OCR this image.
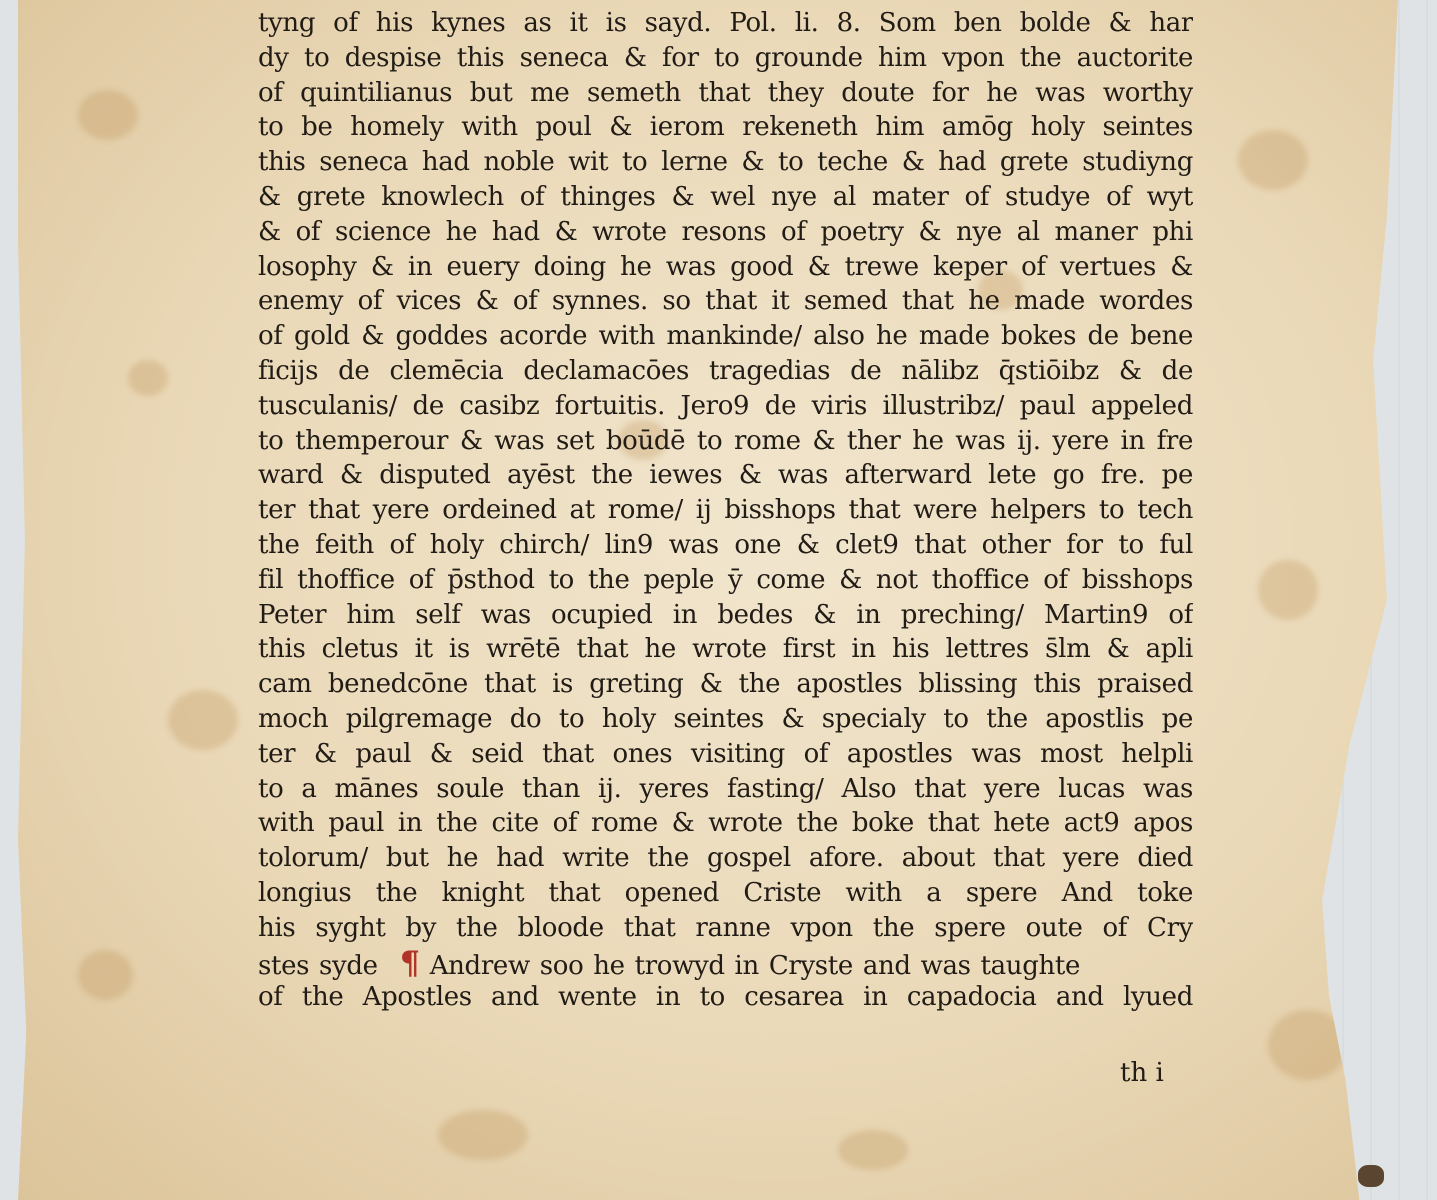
tyng of his kynes as it is sayd. Pol. li. 8. Som ben bolde & har
dy to despise this seneca & for to grounde him vpon the auctorite
of quintilianus but me semeth that they doute for he was worthy
to be homely with poul & ierom rekeneth him amōg holy seintes
this seneca had noble wit to lerne & to teche & had grete studiyng
& grete knowlech of thinges & wel nye al mater of studye of wyt
& of science he had & wrote resons of poetry & nye al maner phi
losophy & in euery doing he was good & trewe keper of vertues &
enemy of vices & of synnes. so that it semed that he made wordes
of gold & goddes acorde with mankinde/ also he made bokes de bene
ficijs de clemēcia declamacōes tragedias de nālibz q̄stiōibz & de
tusculanis/ de casibz fortuitis. Jero9 de viris illustribz/ paul appeled
to themperour & was set boūdē to rome & ther he was ij. yere in fre
ward & disputed ayēst the iewes & was afterward lete go fre. pe
ter that yere ordeined at rome/ ij bisshops that were helpers to tech
the feith of holy chirch/ lin9 was one & clet9 that other for to ful
fil thoffice of p̄sthod to the peple ȳ come & not thoffice of bisshops
Peter him self was ocupied in bedes & in preching/ Martin9 of
this cletus it is wrētē that he wrote first in his lettres s̄lm & apli
cam benedcōne that is greting & the apostles blissing this praised
moch pilgremage do to holy seintes & specialy to the apostlis pe
ter & paul & seid that ones visiting of apostles was most helpli
to a mānes soule than ij. yeres fasting/ Also that yere lucas was
with paul in the cite of rome & wrote the boke that hete act9 apos
tolorum/ but he had write the gospel afore. about that yere died
longius the knight that opened Criste with a spere And toke
his syght by the bloode that ranne vpon the spere oute of Cry
stes syde ¶ Andrew soo he trowyd in Cryste and was taughte
of the Apostles and wente in to cesarea in capadocia and lyued
th i
